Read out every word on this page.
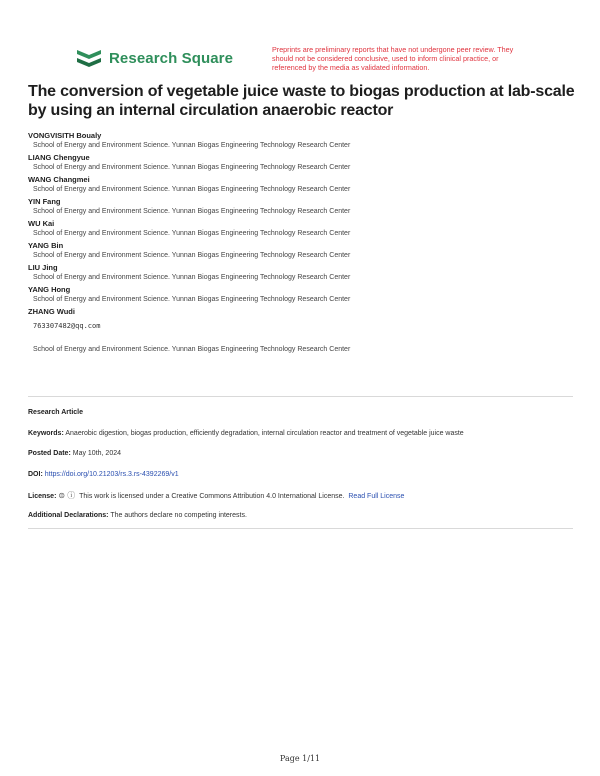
Research Square	Preprints are preliminary reports that have not undergone peer review. They should not be considered conclusive, used to inform clinical practice, or referenced by the media as validated information.
The conversion of vegetable juice waste to biogas production at lab-scale by using an internal circulation anaerobic reactor
VONGVISITH Boualy
School of Energy and Environment Science. Yunnan Biogas Engineering Technology Research Center
LIANG Chengyue
School of Energy and Environment Science. Yunnan Biogas Engineering Technology Research Center
WANG Changmei
School of Energy and Environment Science. Yunnan Biogas Engineering Technology Research Center
YIN Fang
School of Energy and Environment Science. Yunnan Biogas Engineering Technology Research Center
WU Kai
School of Energy and Environment Science. Yunnan Biogas Engineering Technology Research Center
YANG Bin
School of Energy and Environment Science. Yunnan Biogas Engineering Technology Research Center
LIU Jing
School of Energy and Environment Science. Yunnan Biogas Engineering Technology Research Center
YANG Hong
School of Energy and Environment Science. Yunnan Biogas Engineering Technology Research Center
ZHANG Wudi
763307482@qq.com
School of Energy and Environment Science. Yunnan Biogas Engineering Technology Research Center
Research Article
Keywords: Anaerobic digestion, biogas production, efficiently degradation, internal circulation reactor and treatment of vegetable juice waste
Posted Date: May 10th, 2024
DOI: https://doi.org/10.21203/rs.3.rs-4392269/v1
License: ⊜ ⓘ This work is licensed under a Creative Commons Attribution 4.0 International License. Read Full License
Additional Declarations: The authors declare no competing interests.
Page 1/11
